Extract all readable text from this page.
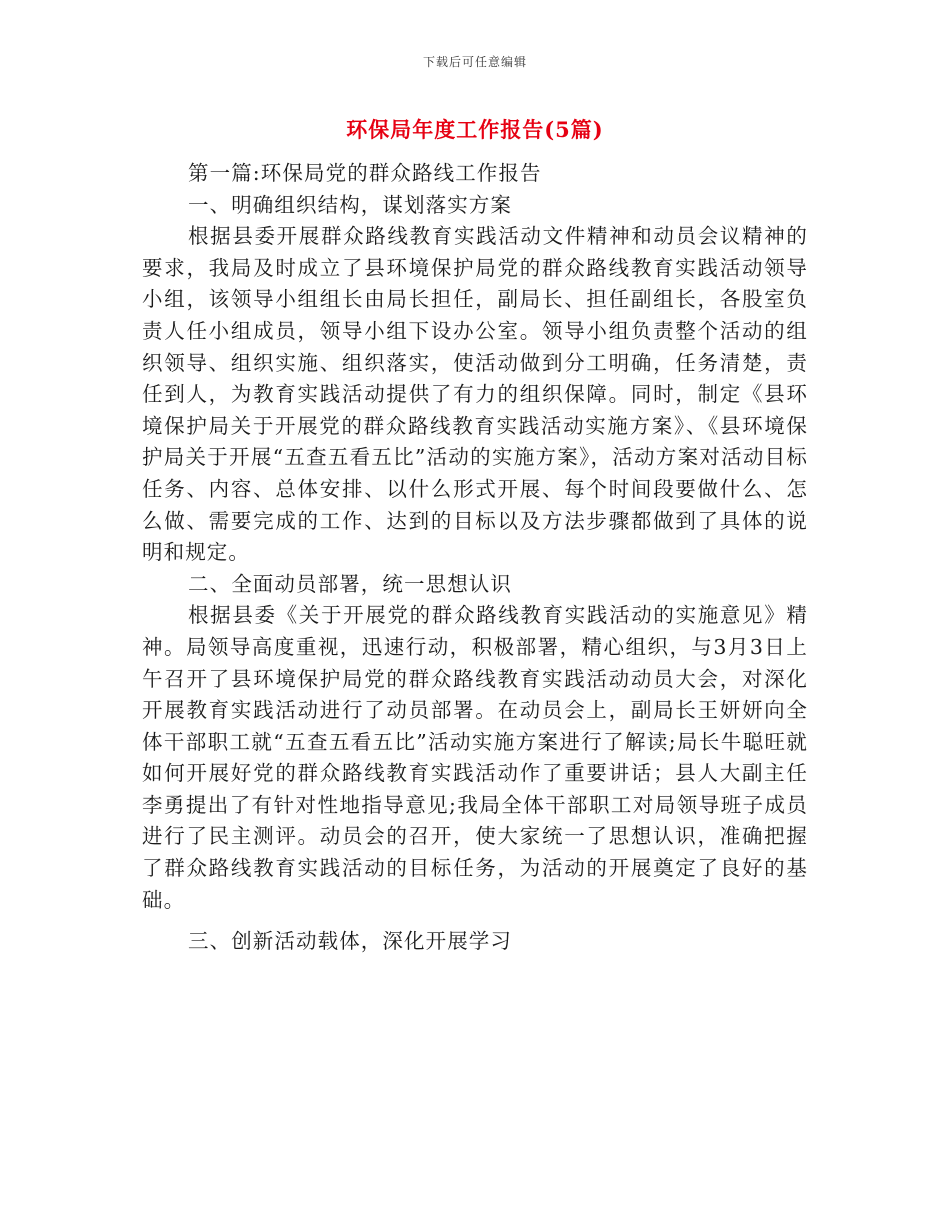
下载后可任意编辑
环保局年度工作报告(5篇)

第一篇:环保局党的群众路线工作报告

一、明确组织结构，谋划落实方案

根据县委开展群众路线教育实践活动文件精神和动员会议精神的要求，我局及时成立了县环境保护局党的群众路线教育实践活动领导小组，该领导小组组长由局长担任，副局长、担任副组长，各股室负责人任小组成员，领导小组下设办公室。领导小组负责整个活动的组织领导、组织实施、组织落实，使活动做到分工明确，任务清楚，责任到人，为教育实践活动提供了有力的组织保障。同时，制定《县环境保护局关于开展党的群众路线教育实践活动实施方案》、《县环境保护局关于开展“五查五看五比”活动的实施方案》，活动方案对活动目标任务、内容、总体安排、以什么形式开展、每个时间段要做什么、怎么做、需要完成的工作、达到的目标以及方法步骤都做到了具体的说明和规定。

二、全面动员部署，统一思想认识

根据县委《关于开展党的群众路线教育实践活动的实施意见》精神。局领导高度重视，迅速行动，积极部署，精心组织，与3月3日上午召开了县环境保护局党的群众路线教育实践活动动员大会，对深化开展教育实践活动进行了动员部署。在动员会上，副局长王妍妍向全体干部职工就“五查五看五比”活动实施方案进行了解读;局长牛聪旺就如何开展好党的群众路线教育实践活动作了重要讲话；县人大副主任李勇提出了有针对性地指导意见;我局全体干部职工对局领导班子成员进行了民主测评。动员会的召开，使大家统一了思想认识，准确把握了群众路线教育实践活动的目标任务，为活动的开展奠定了良好的基础。

三、创新活动载体，深化开展学习
